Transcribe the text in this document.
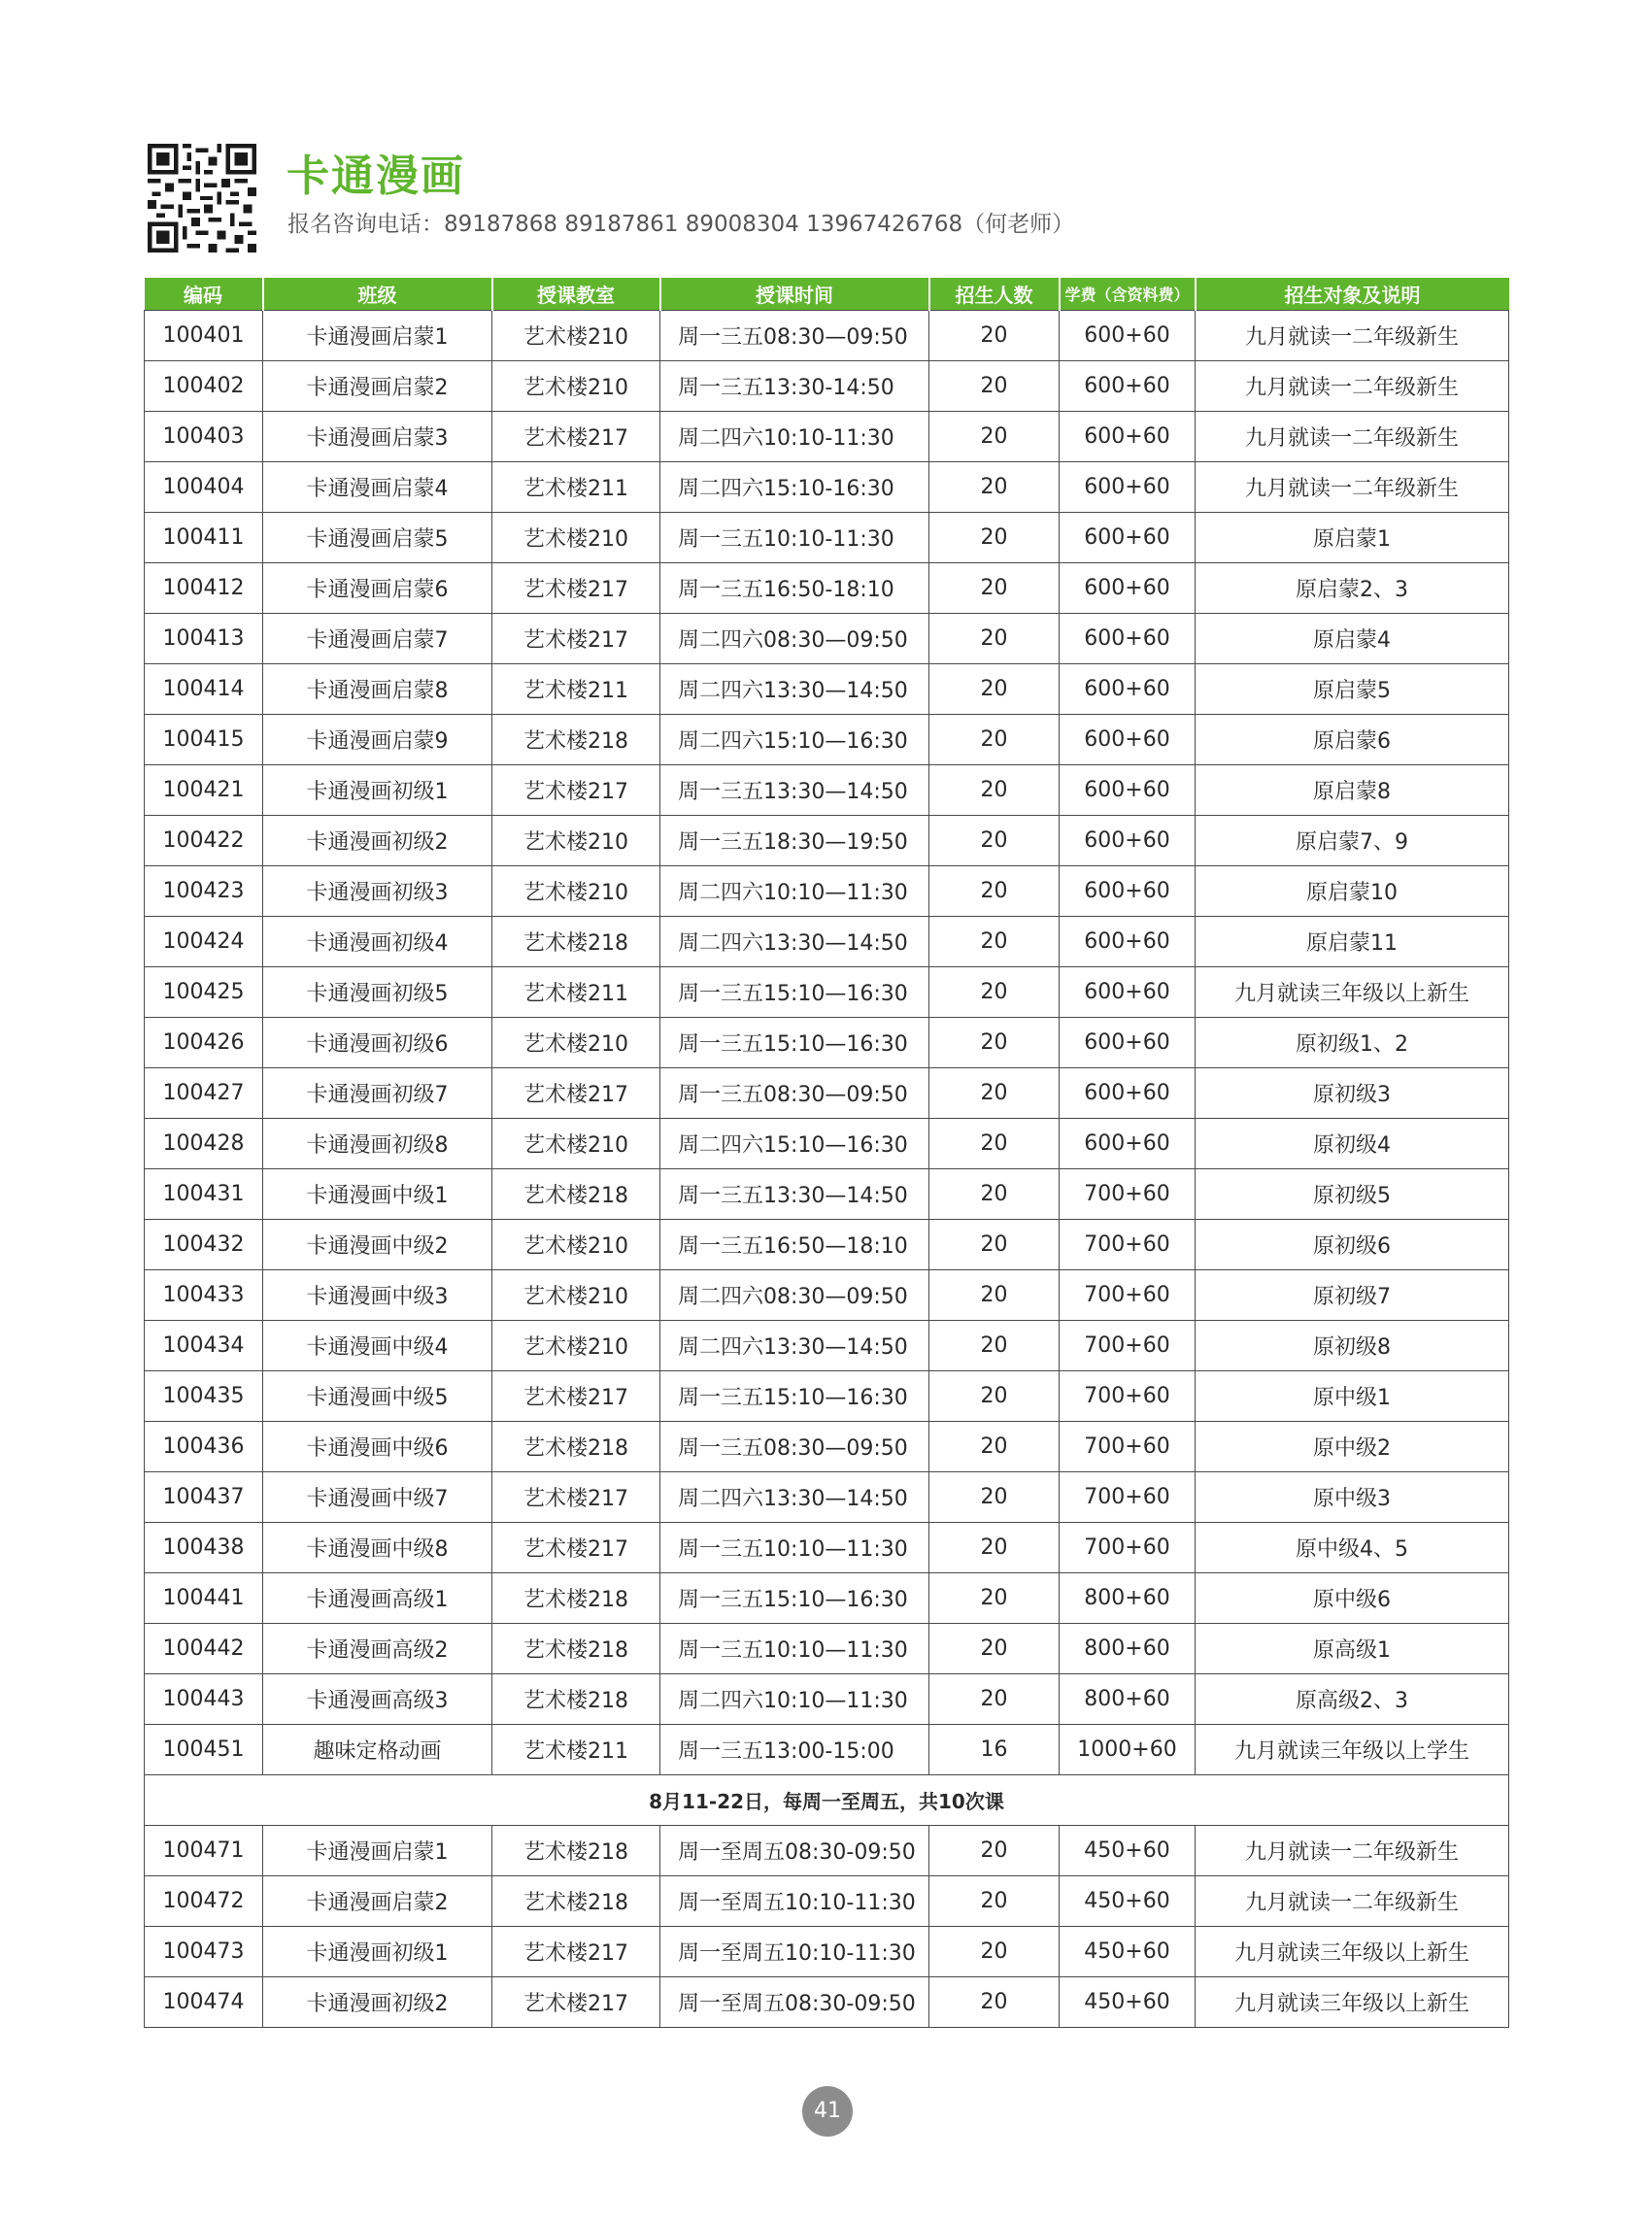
卡通漫画
报名咨询电话：89187868 89187861 89008304 13967426768（何老师）
编码	班级	授课教室	授课时间	招生人数	学费（含资料费）	招生对象及说明
100401	卡通漫画启蒙1	艺术楼210	周一三五08:30—09:50	20	600+60	九月就读一二年级新生
100402	卡通漫画启蒙2	艺术楼210	周一三五13:30-14:50	20	600+60	九月就读一二年级新生
100403	卡通漫画启蒙3	艺术楼217	周二四六10:10-11:30	20	600+60	九月就读一二年级新生
100404	卡通漫画启蒙4	艺术楼211	周二四六15:10-16:30	20	600+60	九月就读一二年级新生
100411	卡通漫画启蒙5	艺术楼210	周一三五10:10-11:30	20	600+60	原启蒙1
100412	卡通漫画启蒙6	艺术楼217	周一三五16:50-18:10	20	600+60	原启蒙2、3
100413	卡通漫画启蒙7	艺术楼217	周二四六08:30—09:50	20	600+60	原启蒙4
100414	卡通漫画启蒙8	艺术楼211	周二四六13:30—14:50	20	600+60	原启蒙5
100415	卡通漫画启蒙9	艺术楼218	周二四六15:10—16:30	20	600+60	原启蒙6
100421	卡通漫画初级1	艺术楼217	周一三五13:30—14:50	20	600+60	原启蒙8
100422	卡通漫画初级2	艺术楼210	周一三五18:30—19:50	20	600+60	原启蒙7、9
100423	卡通漫画初级3	艺术楼210	周二四六10:10—11:30	20	600+60	原启蒙10
100424	卡通漫画初级4	艺术楼218	周二四六13:30—14:50	20	600+60	原启蒙11
100425	卡通漫画初级5	艺术楼211	周一三五15:10—16:30	20	600+60	九月就读三年级以上新生
100426	卡通漫画初级6	艺术楼210	周一三五15:10—16:30	20	600+60	原初级1、2
100427	卡通漫画初级7	艺术楼217	周一三五08:30—09:50	20	600+60	原初级3
100428	卡通漫画初级8	艺术楼210	周二四六15:10—16:30	20	600+60	原初级4
100431	卡通漫画中级1	艺术楼218	周一三五13:30—14:50	20	700+60	原初级5
100432	卡通漫画中级2	艺术楼210	周一三五16:50—18:10	20	700+60	原初级6
100433	卡通漫画中级3	艺术楼210	周二四六08:30—09:50	20	700+60	原初级7
100434	卡通漫画中级4	艺术楼210	周二四六13:30—14:50	20	700+60	原初级8
100435	卡通漫画中级5	艺术楼217	周一三五15:10—16:30	20	700+60	原中级1
100436	卡通漫画中级6	艺术楼218	周一三五08:30—09:50	20	700+60	原中级2
100437	卡通漫画中级7	艺术楼217	周二四六13:30—14:50	20	700+60	原中级3
100438	卡通漫画中级8	艺术楼217	周一三五10:10—11:30	20	700+60	原中级4、5
100441	卡通漫画高级1	艺术楼218	周一三五15:10—16:30	20	800+60	原中级6
100442	卡通漫画高级2	艺术楼218	周一三五10:10—11:30	20	800+60	原高级1
100443	卡通漫画高级3	艺术楼218	周二四六10:10—11:30	20	800+60	原高级2、3
100451	趣味定格动画	艺术楼211	周一三五13:00-15:00	16	1000+60	九月就读三年级以上学生
8月11-22日，每周一至周五，共10次课						
100471	卡通漫画启蒙1	艺术楼218	周一至周五08:30-09:50	20	450+60	九月就读一二年级新生
100472	卡通漫画启蒙2	艺术楼218	周一至周五10:10-11:30	20	450+60	九月就读一二年级新生
100473	卡通漫画初级1	艺术楼217	周一至周五10:10-11:30	20	450+60	九月就读三年级以上新生
100474	卡通漫画初级2	艺术楼217	周一至周五08:30-09:50	20	450+60	九月就读三年级以上新生
41
